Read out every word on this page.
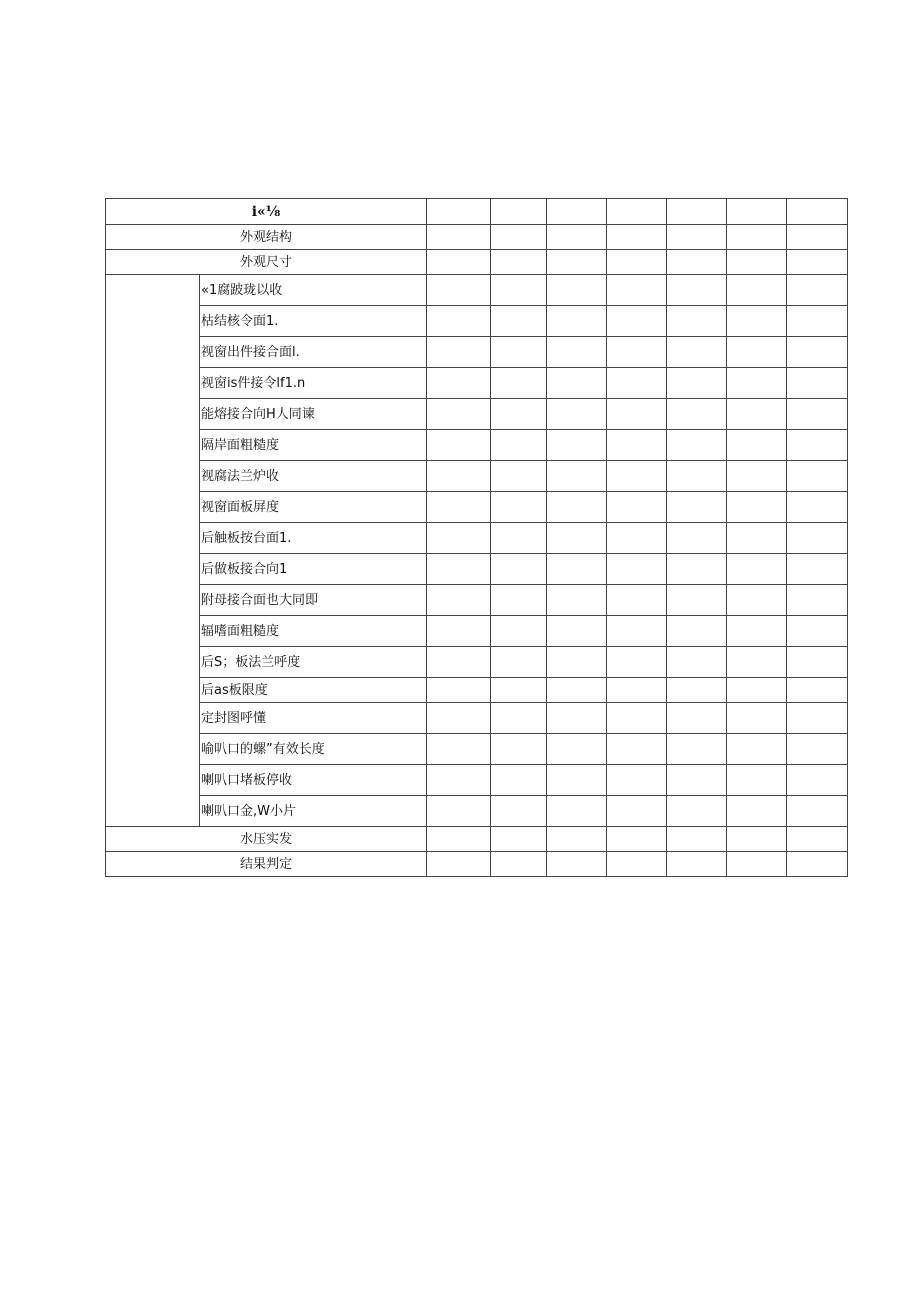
i«⅛								
外观结构								
外观尺寸								
	«1腐跛珑以收							
	枯结核令面1.							
	视窗出件接合面l.							
	视窗is件接令lf1.n							
	能熔接合向H人同谏							
	隔岸面粗糙度							
	视腐法兰炉收							
	视窗面板屏度							
	后触板按台面1.							
	后做板接合向1							
	附母接合面也大同即							
	辐嗜面粗糙度							
	后S；板法兰呼度							
	后as板限度							
	定封图呼懂							
	喻叭口的螺”有效长度							
	喇叭口堵板停收							
	喇叭口金,W小片							
水压实发								
结果判定								
